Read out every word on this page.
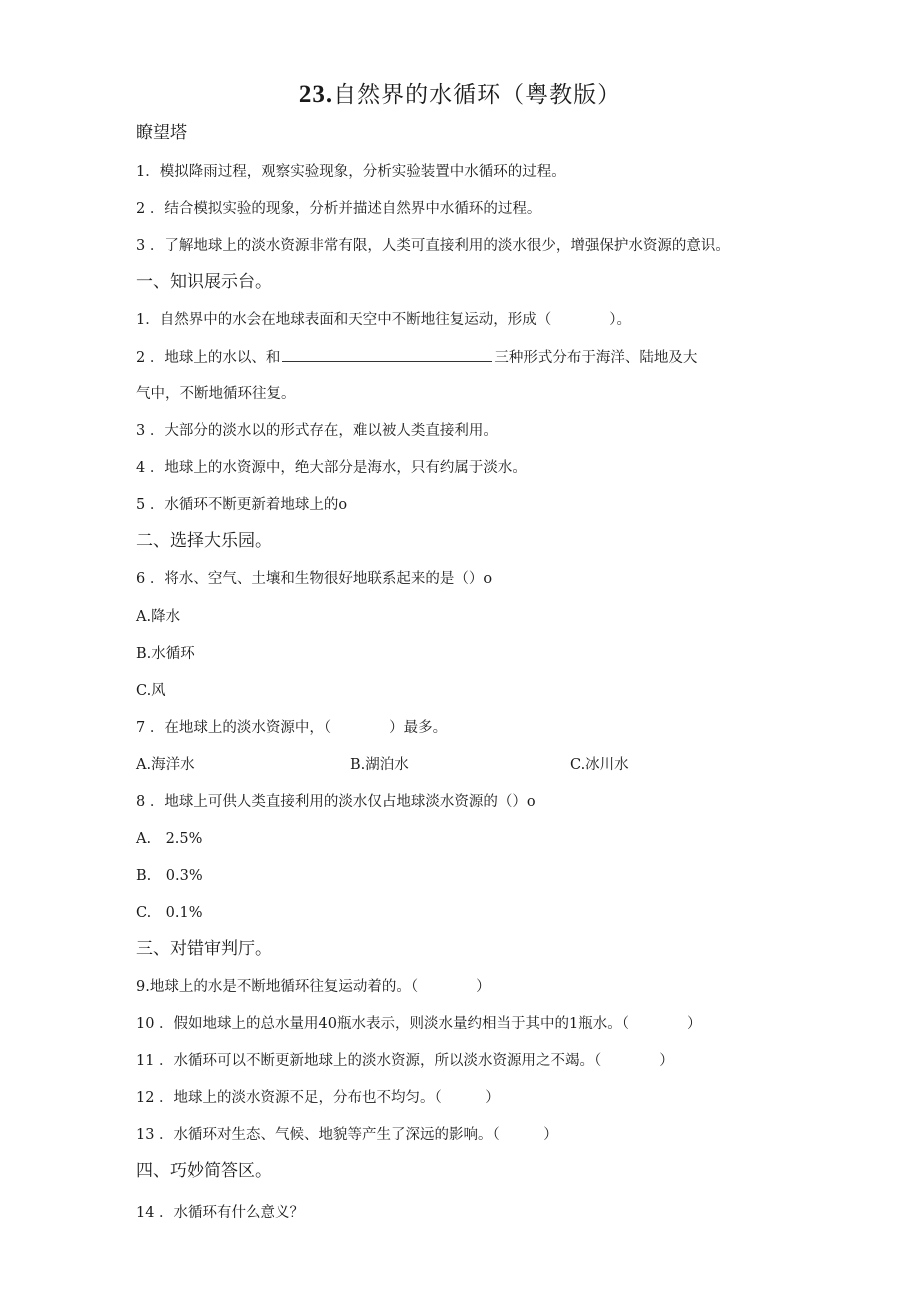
23.自然界的水循环（粤教版）
瞭望塔
1．模拟降雨过程，观察实验现象，分析实验装置中水循环的过程。
2 ．结合模拟实验的现象，分析并描述自然界中水循环的过程。
3 ．了解地球上的淡水资源非常有限，人类可直接利用的淡水很少，增强保护水资源的意识。
一、知识展示台。
1．自然界中的水会在地球表面和天空中不断地往复运动，形成（　　　　）。
2 ．地球上的水以、和	三种形式分布于海洋、陆地及大
气中，不断地循环往复。
3 ．大部分的淡水以的形式存在，难以被人类直接利用。
4 ．地球上的水资源中，绝大部分是海水，只有约属于淡水。
5 ．水循环不断更新着地球上的o
二、选择大乐园。
6 ．将水、空气、土壤和生物很好地联系起来的是（）o
A.降水
B.水循环
C.风
7 ．在地球上的淡水资源中，（　　　　）最多。
A.海洋水	B.湖泊水	C.冰川水
8 ．地球上可供人类直接利用的淡水仅占地球淡水资源的（）o
A.　2.5%
B.　0.3%
C.　0.1%
三、对错审判厅。
9.地球上的水是不断地循环往复运动着的。（　　　　）
10 ．假如地球上的总水量用40瓶水表示，则淡水量约相当于其中的1瓶水。（　　　　）
11 ．水循环可以不断更新地球上的淡水资源，所以淡水资源用之不竭。（　　　　）
12 ．地球上的淡水资源不足，分布也不均匀。（　　　）
13 ．水循环对生态、气候、地貌等产生了深远的影响。（　　　）
四、巧妙简答区。
14 ．水循环有什么意义？
